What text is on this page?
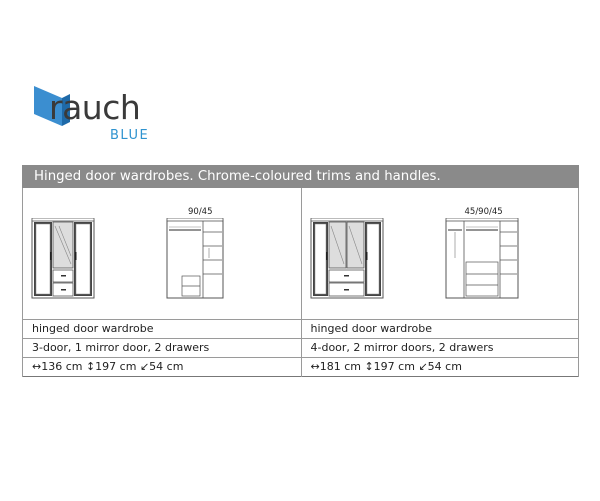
rauch
BLUE
Hinged door wardrobes. Chrome-coloured trims and handles.
90/45
hinged door wardrobe
3-door, 1 mirror door, 2 drawers
↔136 cm ↕197 cm ↙54 cm
45/90/45
hinged door wardrobe
4-door, 2 mirror doors, 2 drawers
↔181 cm ↕197 cm ↙54 cm
